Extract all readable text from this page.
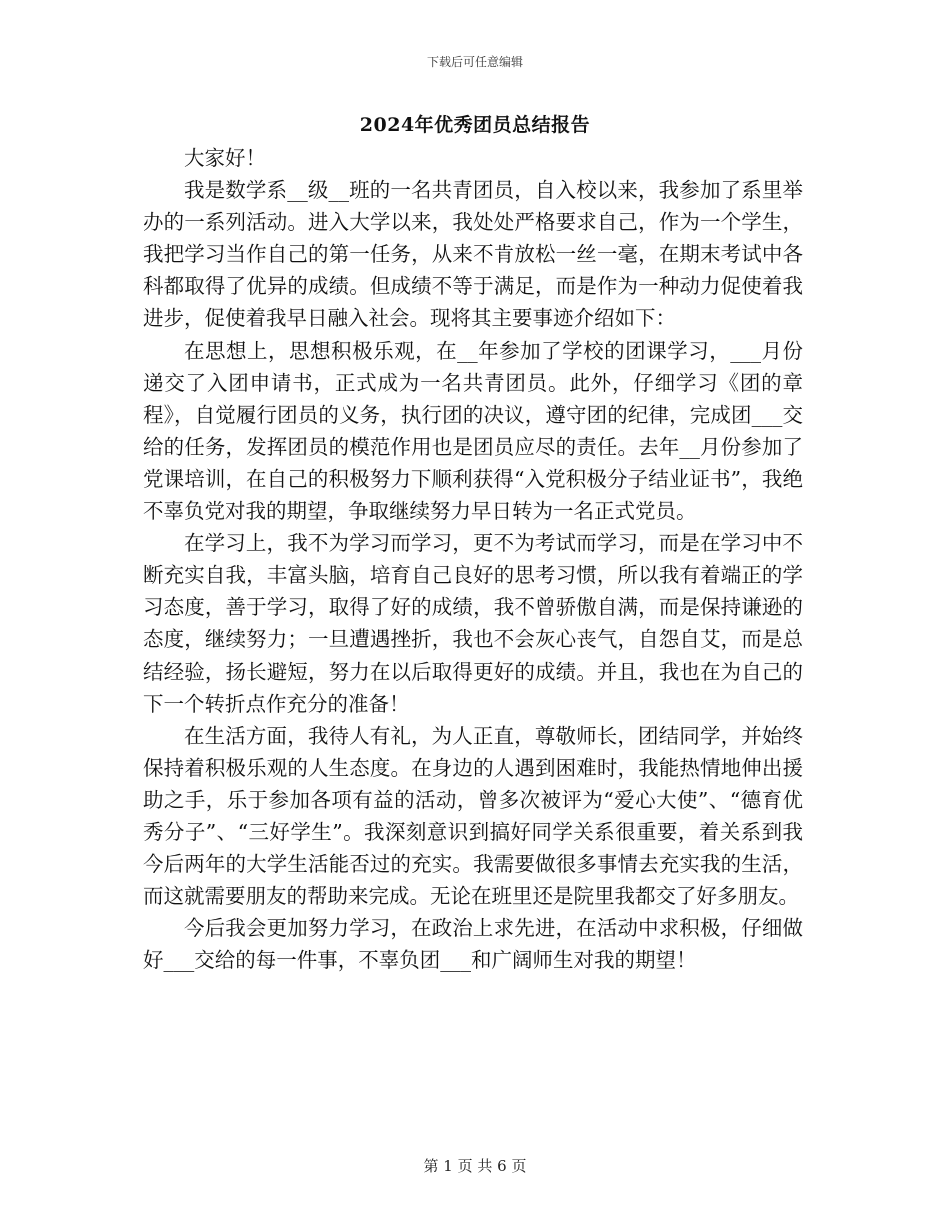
下载后可任意编辑
2024年优秀团员总结报告

大家好！

我是数学系__级__班的一名共青团员，自入校以来，我参加了系里举办的一系列活动。进入大学以来，我处处严格要求自己，作为一个学生，我把学习当作自己的第一任务，从来不肯放松一丝一毫，在期末考试中各科都取得了优异的成绩。但成绩不等于满足，而是作为一种动力促使着我进步，促使着我早日融入社会。现将其主要事迹介绍如下：

在思想上，思想积极乐观，在__年参加了学校的团课学习，___月份递交了入团申请书，正式成为一名共青团员。此外，仔细学习《团的章程》，自觉履行团员的义务，执行团的决议，遵守团的纪律，完成团___交给的任务，发挥团员的模范作用也是团员应尽的责任。去年__月份参加了党课培训，在自己的积极努力下顺利获得“入党积极分子结业证书”，我绝不辜负党对我的期望，争取继续努力早日转为一名正式党员。

在学习上，我不为学习而学习，更不为考试而学习，而是在学习中不断充实自我，丰富头脑，培育自己良好的思考习惯，所以我有着端正的学习态度，善于学习，取得了好的成绩，我不曾骄傲自满，而是保持谦逊的态度，继续努力；一旦遭遇挫折，我也不会灰心丧气，自怨自艾，而是总结经验，扬长避短，努力在以后取得更好的成绩。并且，我也在为自己的下一个转折点作充分的准备！

在生活方面，我待人有礼，为人正直，尊敬师长，团结同学，并始终保持着积极乐观的人生态度。在身边的人遇到困难时，我能热情地伸出援助之手，乐于参加各项有益的活动，曾多次被评为“爱心大使”、“德育优秀分子”、“三好学生”。我深刻意识到搞好同学关系很重要，着关系到我今后两年的大学生活能否过的充实。我需要做很多事情去充实我的生活，而这就需要朋友的帮助来完成。无论在班里还是院里我都交了好多朋友。

今后我会更加努力学习，在政治上求先进，在活动中求积极，仔细做好___交给的每一件事，不辜负团___和广阔师生对我的期望！

第 1 页 共 6 页
